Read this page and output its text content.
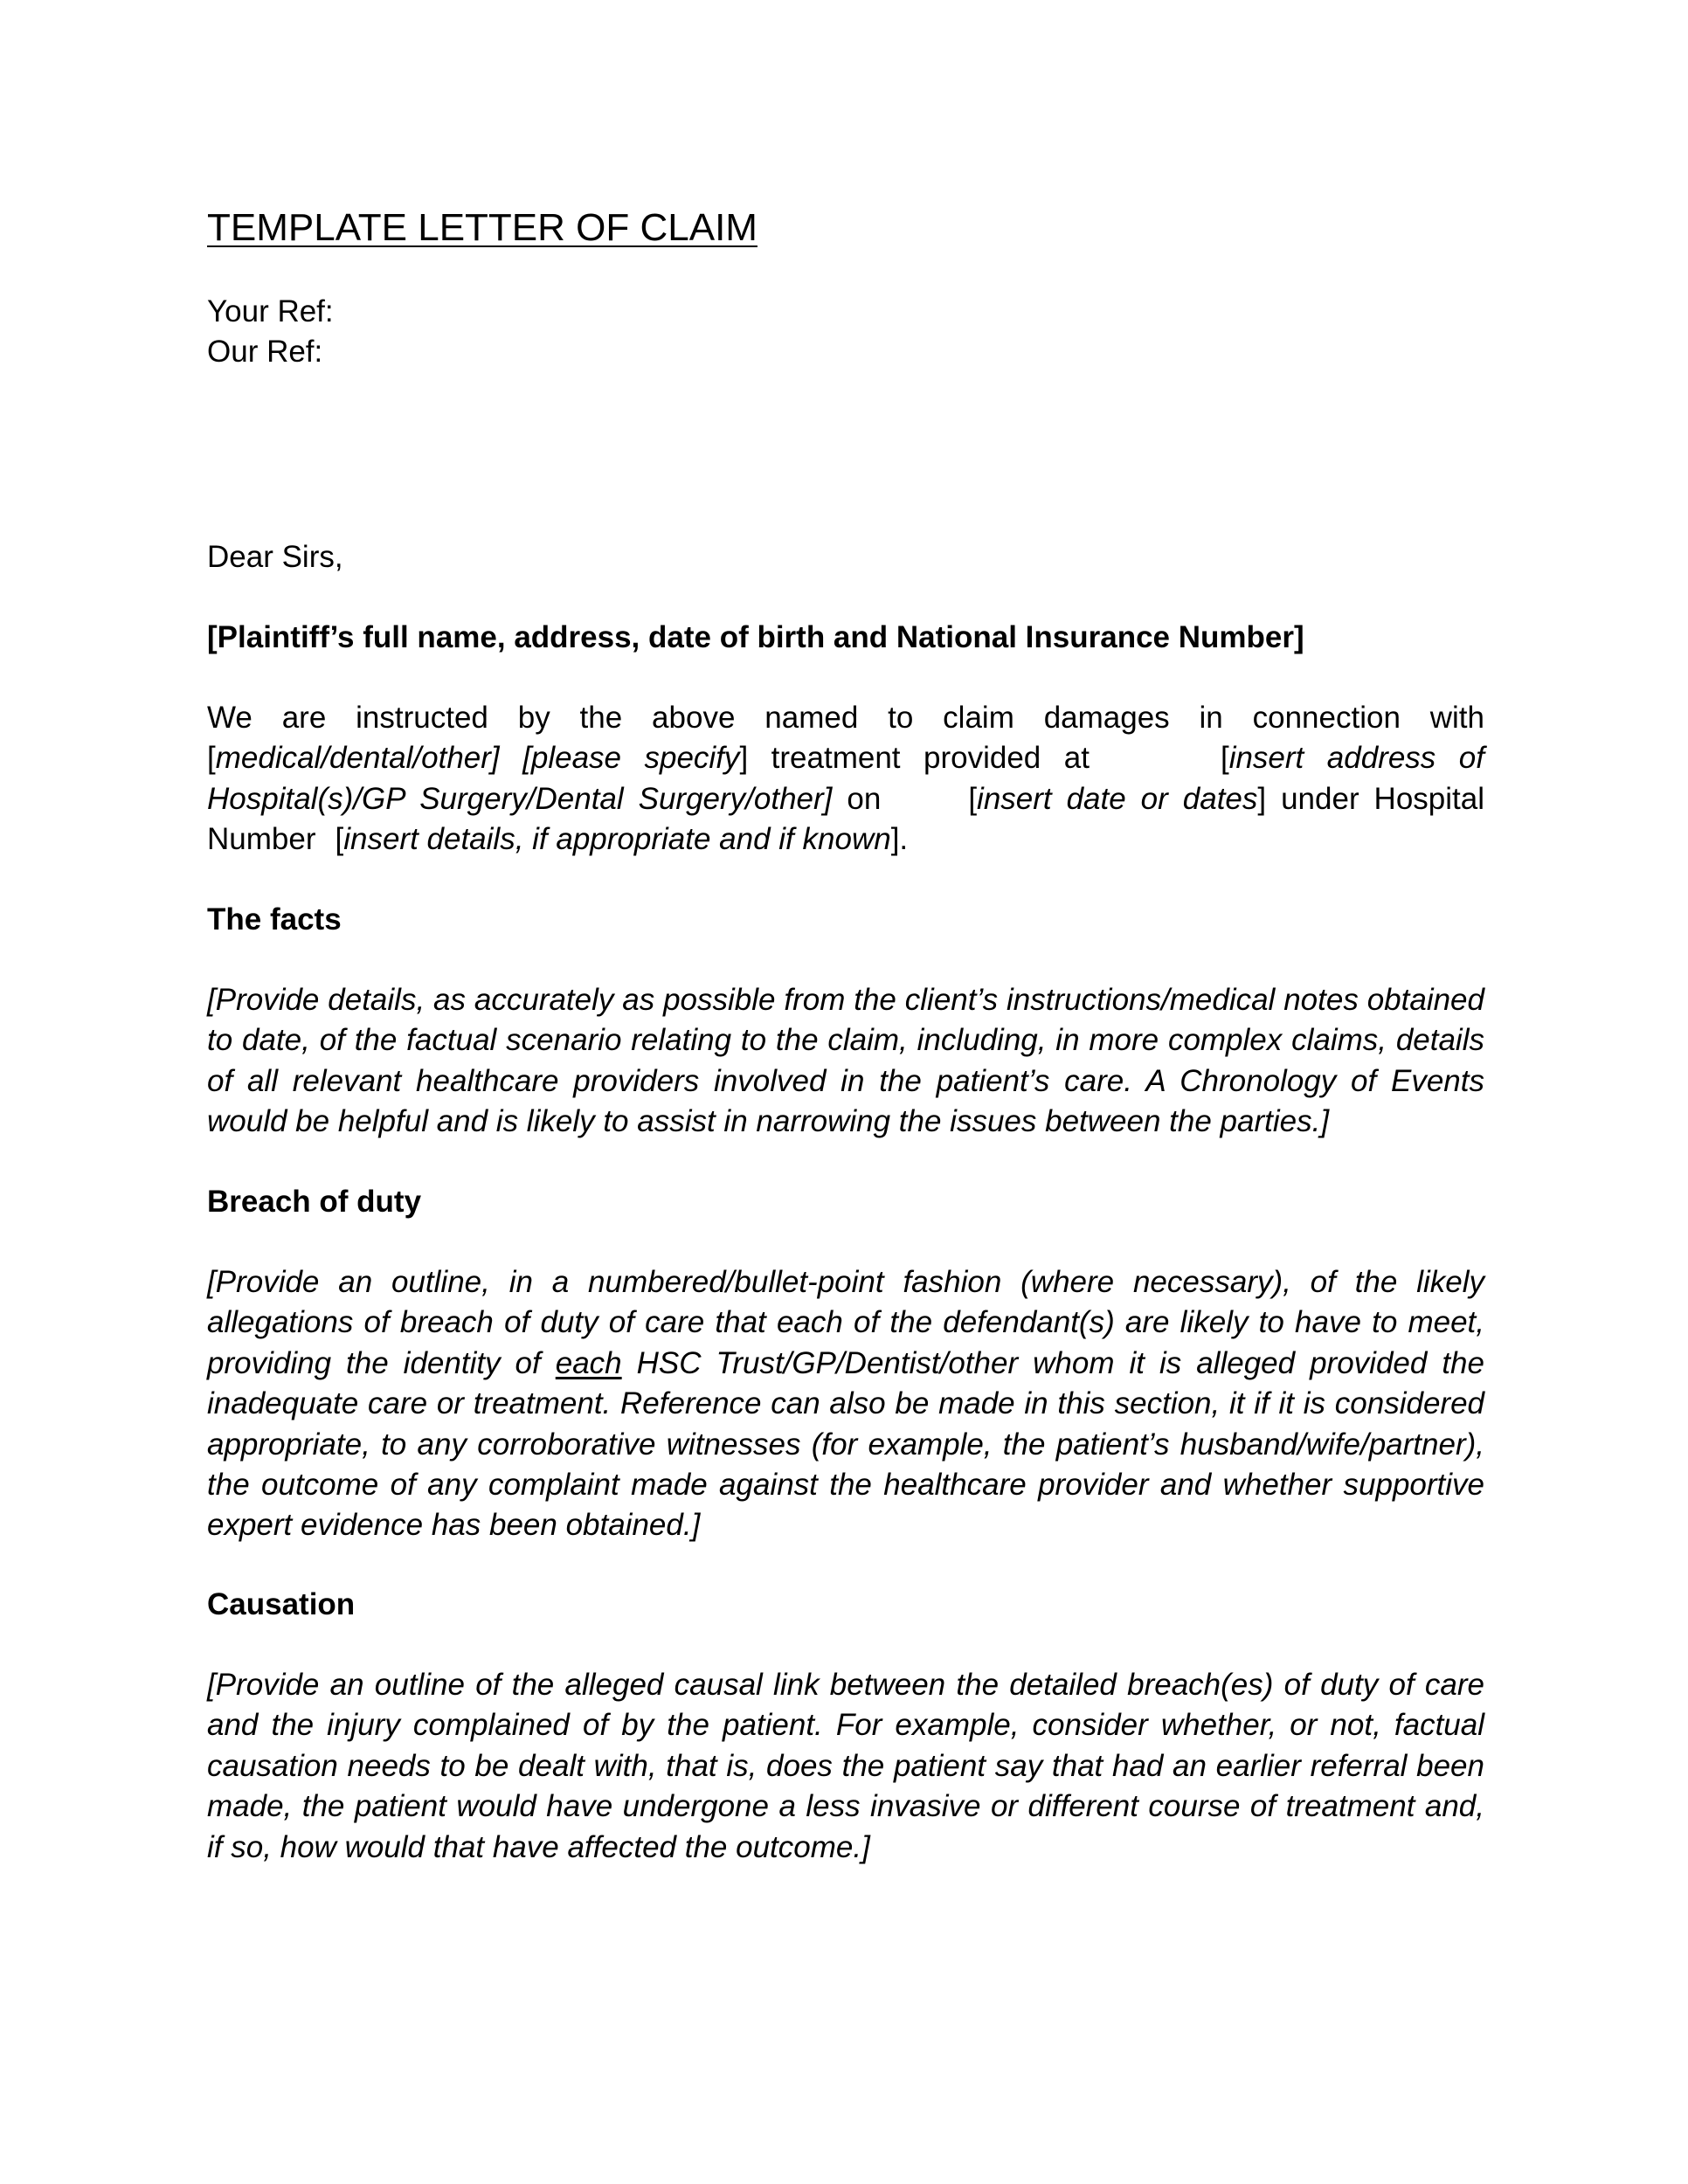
TEMPLATE LETTER OF CLAIM
Your Ref:
Our Ref:
Dear Sirs,
[Plaintiff’s full name, address, date of birth and National Insurance Number]
We are instructed by the above named to claim damages in connection with
[medical/dental/other] [please specify] treatment provided at	[insert address of
Hospital(s)/GP Surgery/Dental Surgery/other] on	[insert date or dates] under Hospital
Number [insert details, if appropriate and if known].
The facts
[Provide details, as accurately as possible from the client’s instructions/medical notes obtained
to date, of the factual scenario relating to the claim, including, in more complex claims, details
of all relevant healthcare providers involved in the patient’s care. A Chronology of Events
would be helpful and is likely to assist in narrowing the issues between the parties.]
Breach of duty
[Provide an outline, in a numbered/bullet-point fashion (where necessary), of the likely
allegations of breach of duty of care that each of the defendant(s) are likely to have to meet,
providing the identity of each HSC Trust/GP/Dentist/other whom it is alleged provided the
inadequate care or treatment. Reference can also be made in this section, it if it is considered
appropriate, to any corroborative witnesses (for example, the patient’s husband/wife/partner),
the outcome of any complaint made against the healthcare provider and whether supportive
expert evidence has been obtained.]
Causation
[Provide an outline of the alleged causal link between the detailed breach(es) of duty of care
and the injury complained of by the patient. For example, consider whether, or not, factual
causation needs to be dealt with, that is, does the patient say that had an earlier referral been
made, the patient would have undergone a less invasive or different course of treatment and,
if so, how would that have affected the outcome.]
